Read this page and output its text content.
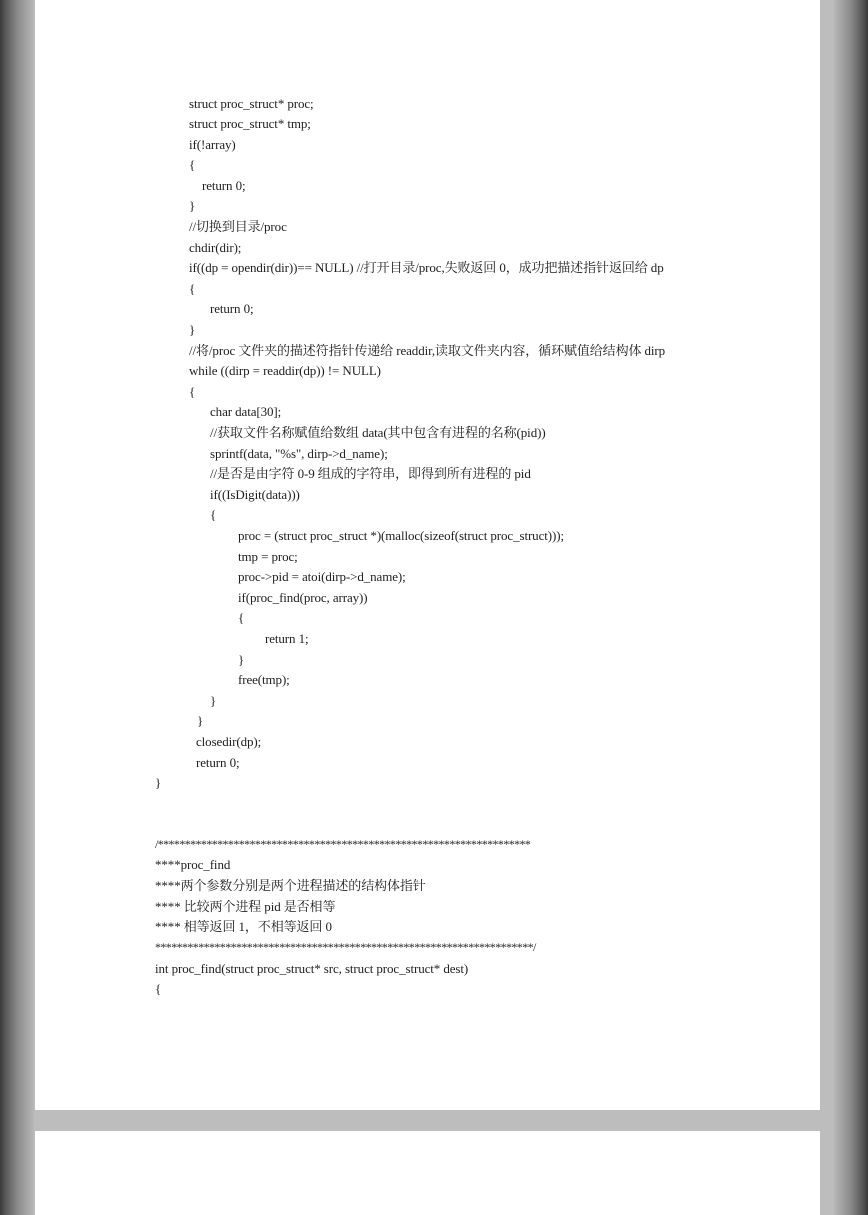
struct proc_struct* proc;
struct proc_struct* tmp;
if(!array)
{
return 0;
}
//切换到目录/proc
chdir(dir);
if((dp = opendir(dir))== NULL) //打开目录/proc,失败返回 0，成功把描述指针返回给 dp
{
return 0;
}
//将/proc 文件夹的描述符指针传递给 readdir,读取文件夹内容，循环赋值给结构体 dirp
while ((dirp = readdir(dp)) != NULL)
{
char data[30];
//获取文件名称赋值给数组 data(其中包含有进程的名称(pid))
sprintf(data, "%s", dirp->d_name);
//是否是由字符 0-9 组成的字符串，即得到所有进程的 pid
if((IsDigit(data)))
{
proc = (struct proc_struct *)(malloc(sizeof(struct proc_struct)));
tmp = proc;
proc->pid = atoi(dirp->d_name);
if(proc_find(proc, array))
{
return 1;
}
free(tmp);
}
}
closedir(dp);
return 0;
}
/*********************************************************************
****proc_find
****两个参数分别是两个进程描述的结构体指针
**** 比较两个进程 pid 是否相等
**** 相等返回 1，不相等返回 0
**********************************************************************/
int proc_find(struct proc_struct* src, struct proc_struct* dest)
{
